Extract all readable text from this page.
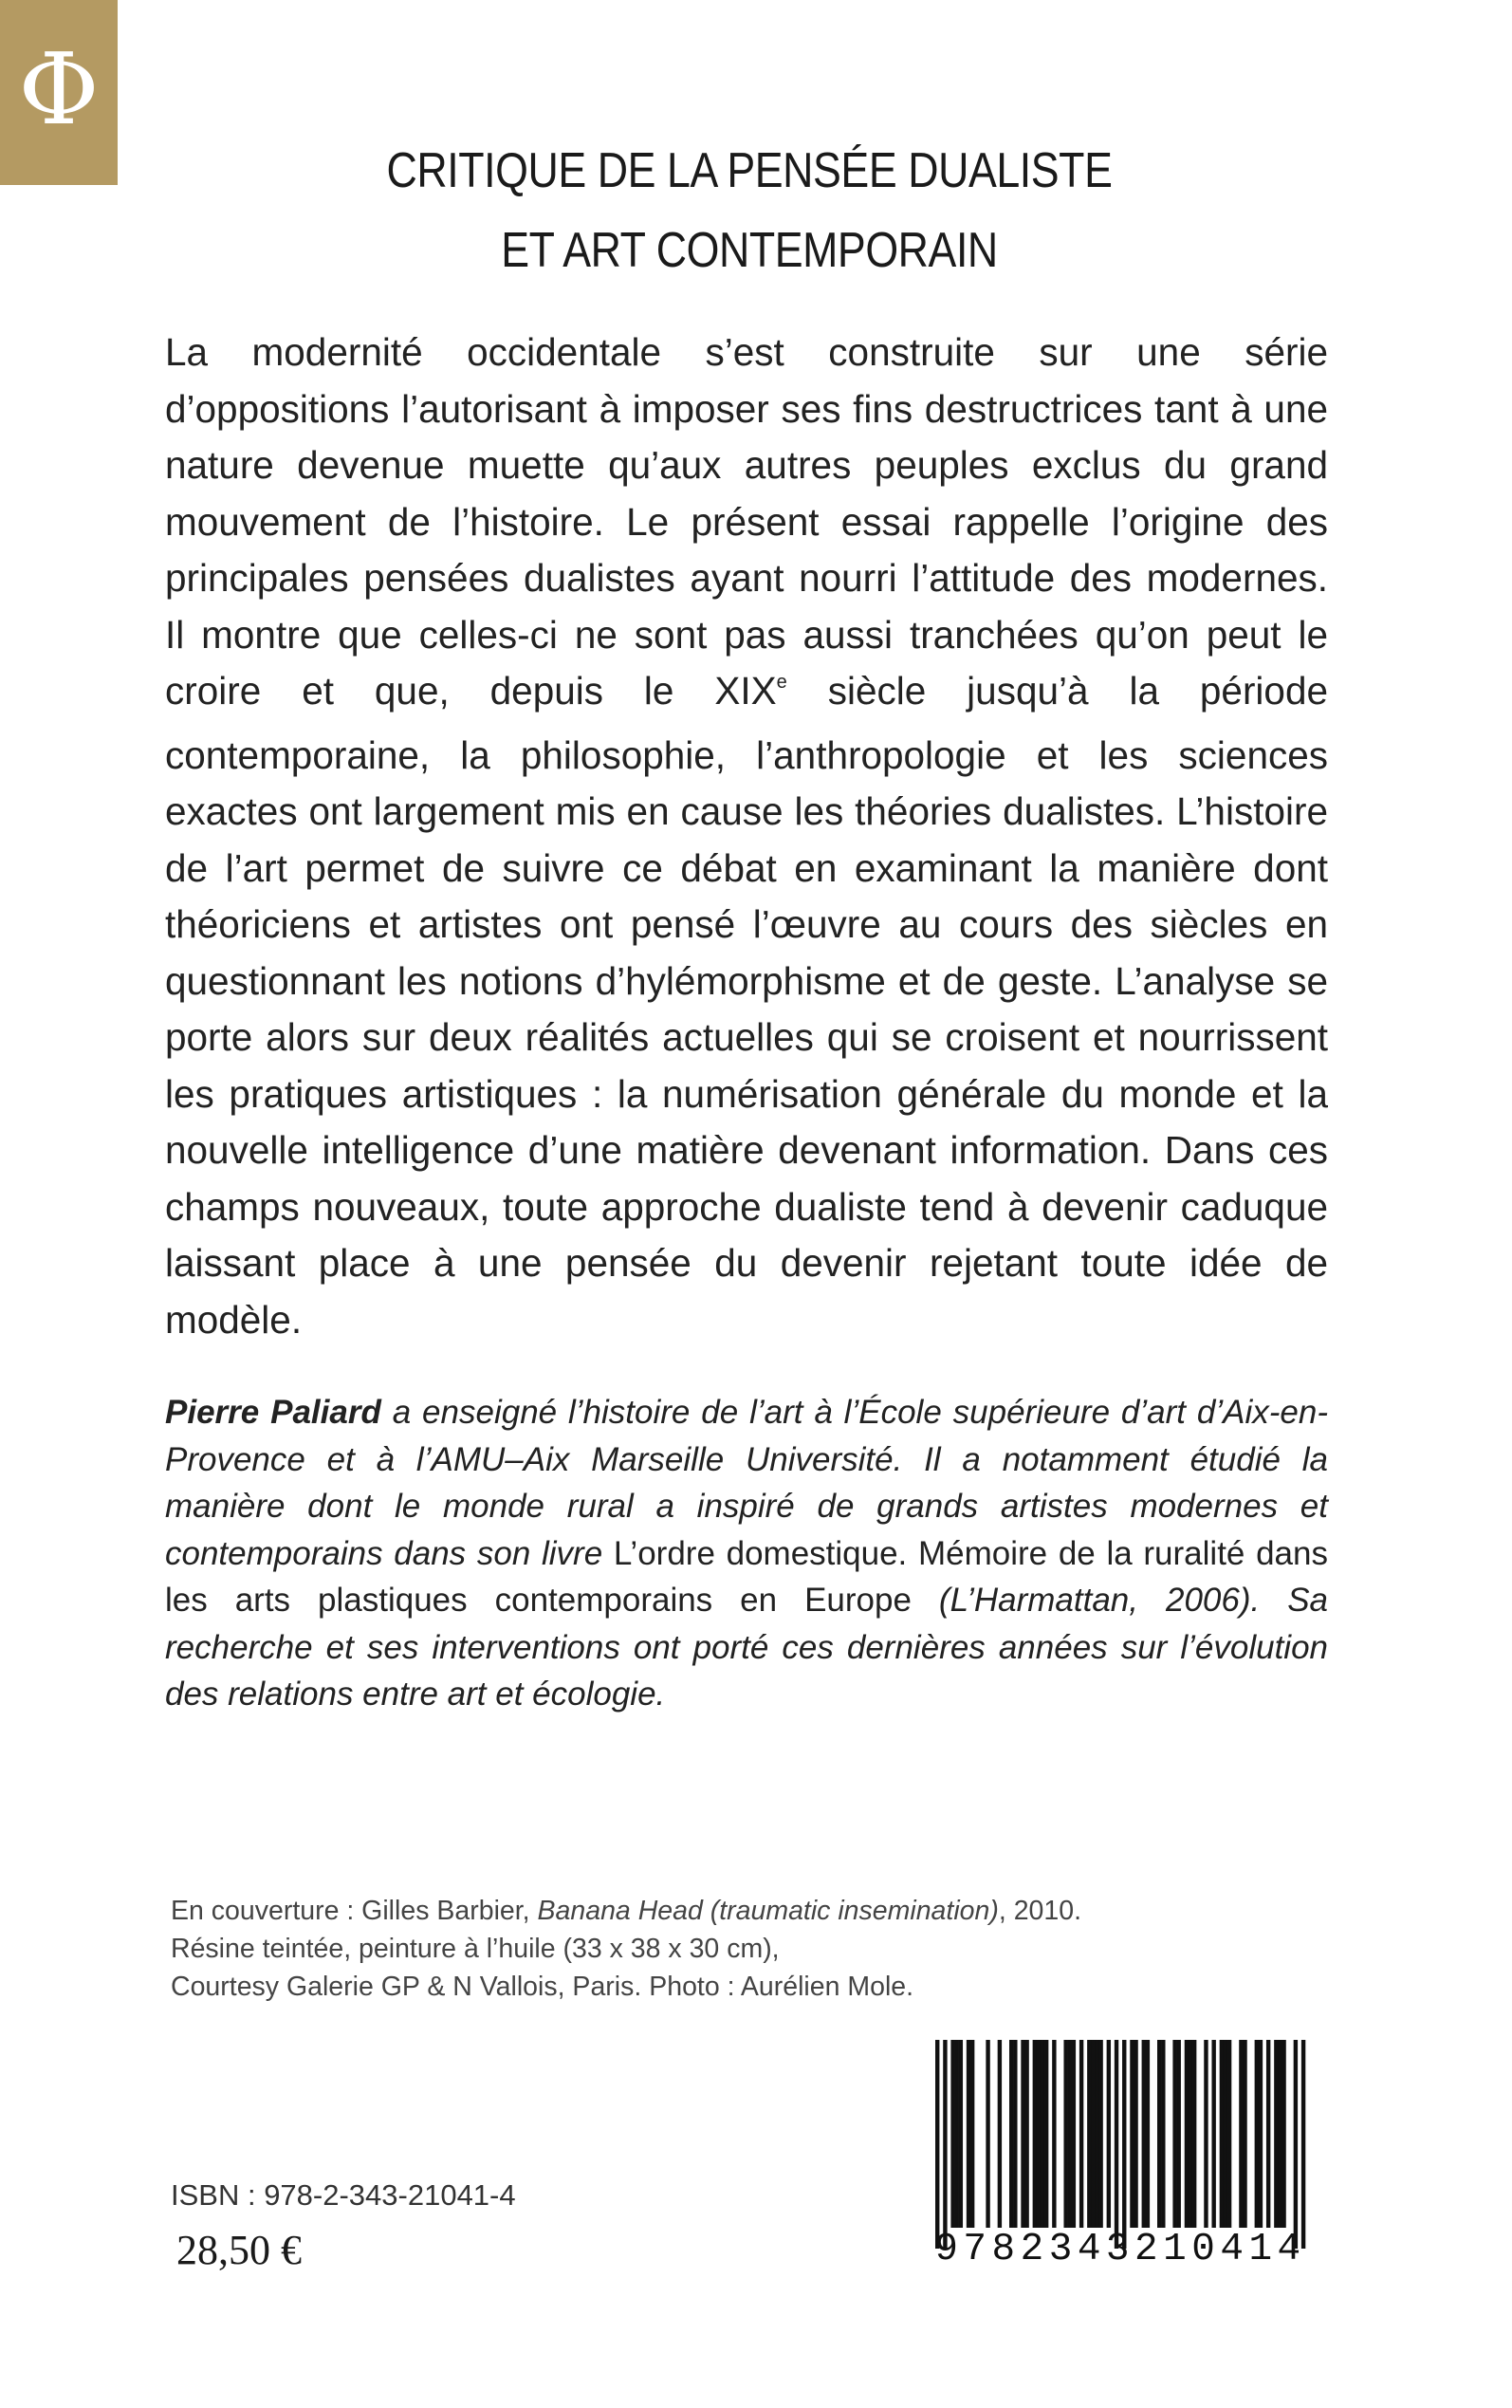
Φ
CRITIQUE DE LA PENSÉE DUALISTE
ET ART CONTEMPORAIN

La modernité occidentale s’est construite sur une série d’oppositions l’autorisant à imposer ses fins destructrices tant à une nature devenue muette qu’aux autres peuples exclus du grand mouvement de l’histoire. Le présent essai rappelle l’origine des principales pensées dualistes ayant nourri l’attitude des modernes. Il montre que celles-ci ne sont pas aussi tranchées qu’on peut le croire et que, depuis le XIXe siècle jusqu’à la période contemporaine, la philosophie, l’anthropologie et les sciences exactes ont largement mis en cause les théories dualistes. L’histoire de l’art permet de suivre ce débat en examinant la manière dont théoriciens et artistes ont pensé l’œuvre au cours des siècles en questionnant les notions d’hylémorphisme et de geste. L’analyse se porte alors sur deux réalités actuelles qui se croisent et nourrissent les pratiques artistiques : la numérisation générale du monde et la nouvelle intelligence d’une matière devenant information. Dans ces champs nouveaux, toute approche dualiste tend à devenir caduque laissant place à une pensée du devenir rejetant toute idée de modèle.

Pierre Paliard a enseigné l’histoire de l’art à l’École supérieure d’art d’Aix-en-Provence et à l’AMU–Aix Marseille Université. Il a notamment étudié la manière dont le monde rural a inspiré de grands artistes modernes et contemporains dans son livre L’ordre domestique. Mémoire de la ruralité dans les arts plastiques contemporains en Europe (L’Harmattan, 2006). Sa recherche et ses interventions ont porté ces dernières années sur l’évolution des relations entre art et écologie.

En couverture : Gilles Barbier, Banana Head (traumatic insemination), 2010.
Résine teintée, peinture à l’huile (33 x 38 x 30 cm),
Courtesy Galerie GP & N Vallois, Paris. Photo : Aurélien Mole.
ISBN : 978-2-343-21041-4
28,50 €	9782343210414
